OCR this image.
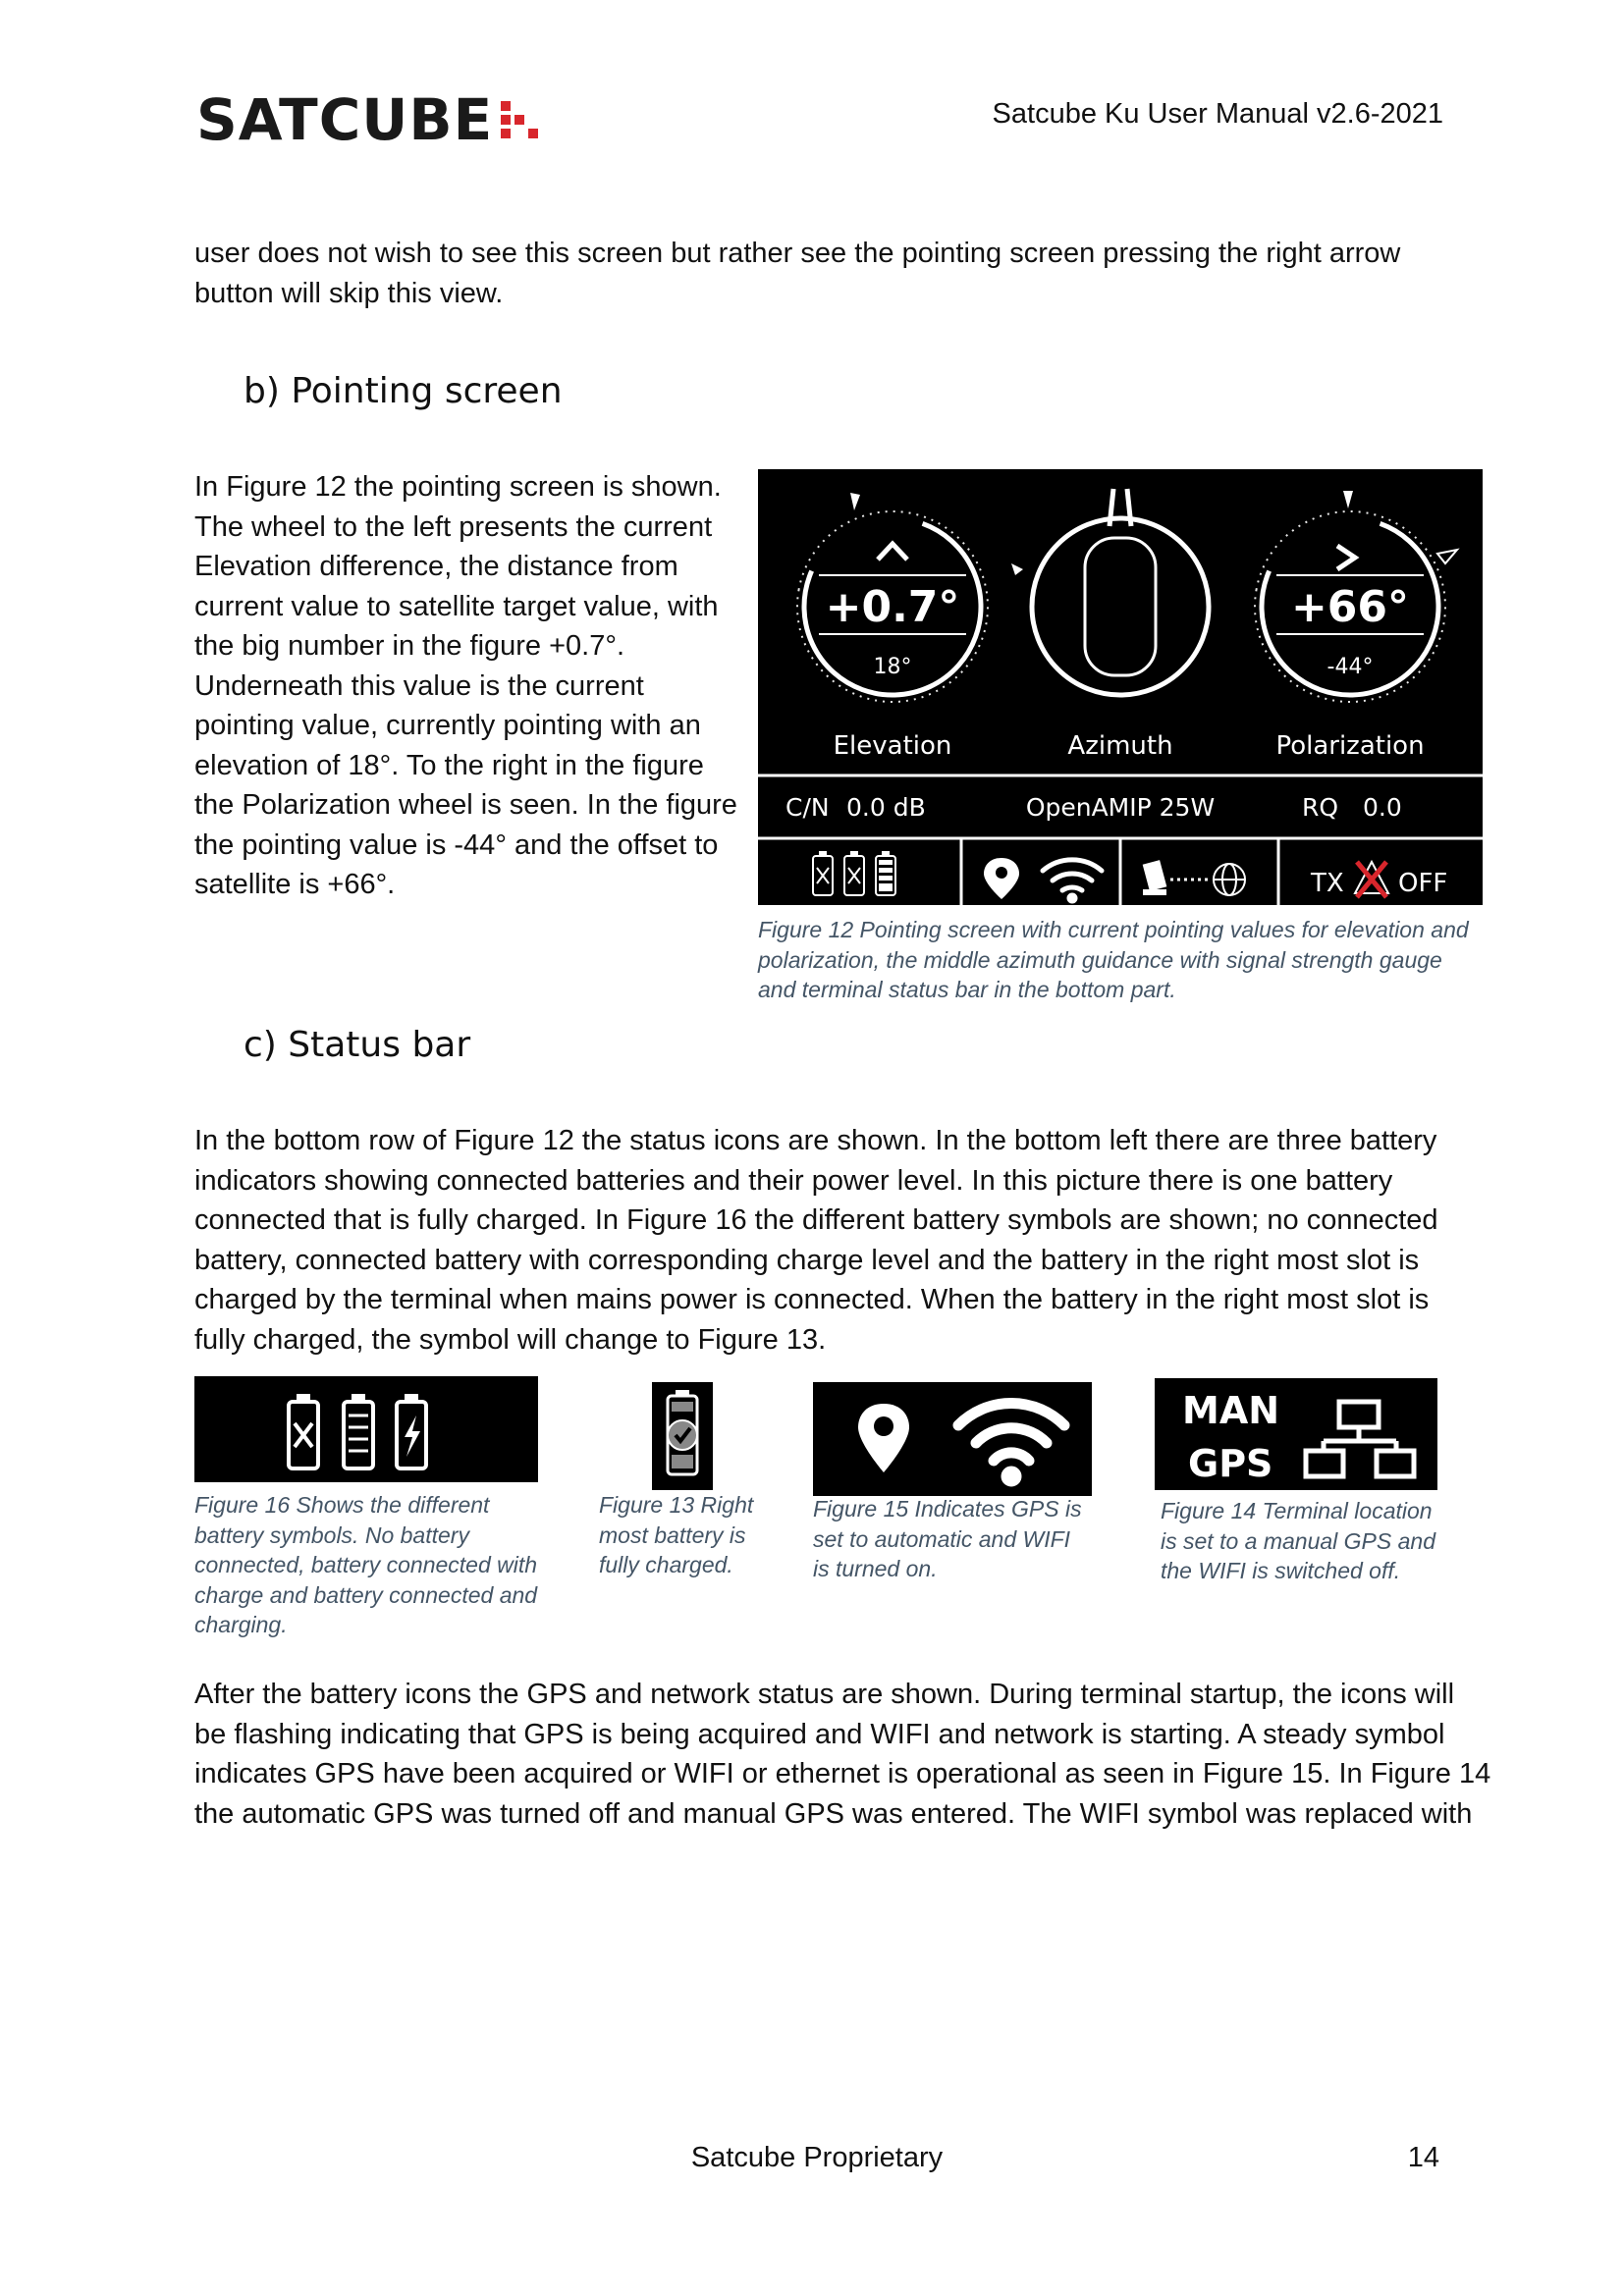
SATCUBE	Satcube Ku User Manual v2.6-2021
user does not wish to see this screen but rather see the pointing screen pressing the right arrow
button will skip this view.
b) Pointing screen
In Figure 12 the pointing screen is shown.
The wheel to the left presents the current
Elevation difference, the distance from
current value to satellite target value, with
the big number in the figure +0.7°.
Underneath this value is the current
pointing value, currently pointing with an
elevation of 18°. To the right in the figure
the Polarization wheel is seen. In the figure
the pointing value is -44° and the offset to
satellite is +66°.
+0.7°
18°
+66°
-44°
Elevation	Azimuth	Polarization
C/N 0.0 dB	OpenAMIP 25W	RQ 0.0
TX OFF
Figure 12 Pointing screen with current pointing values for elevation and
polarization, the middle azimuth guidance with signal strength gauge
and terminal status bar in the bottom part.
c) Status bar
In the bottom row of Figure 12 the status icons are shown. In the bottom left there are three battery
indicators showing connected batteries and their power level. In this picture there is one battery
connected that is fully charged. In Figure 16 the different battery symbols are shown; no connected
battery, connected battery with corresponding charge level and the battery in the right most slot is
charged by the terminal when mains power is connected. When the battery in the right most slot is
fully charged, the symbol will change to Figure 13.
MAN
GPS
Figure 16 Shows the different
battery symbols. No battery
connected, battery connected with
charge and battery connected and
charging.
Figure 13 Right
most battery is
fully charged.
Figure 15 Indicates GPS is
set to automatic and WIFI
is turned on.
Figure 14 Terminal location
is set to a manual GPS and
the WIFI is switched off.
After the battery icons the GPS and network status are shown. During terminal startup, the icons will
be flashing indicating that GPS is being acquired and WIFI and network is starting. A steady symbol
indicates GPS have been acquired or WIFI or ethernet is operational as seen in Figure 15. In Figure 14
the automatic GPS was turned off and manual GPS was entered. The WIFI symbol was replaced with
Satcube Proprietary	14
